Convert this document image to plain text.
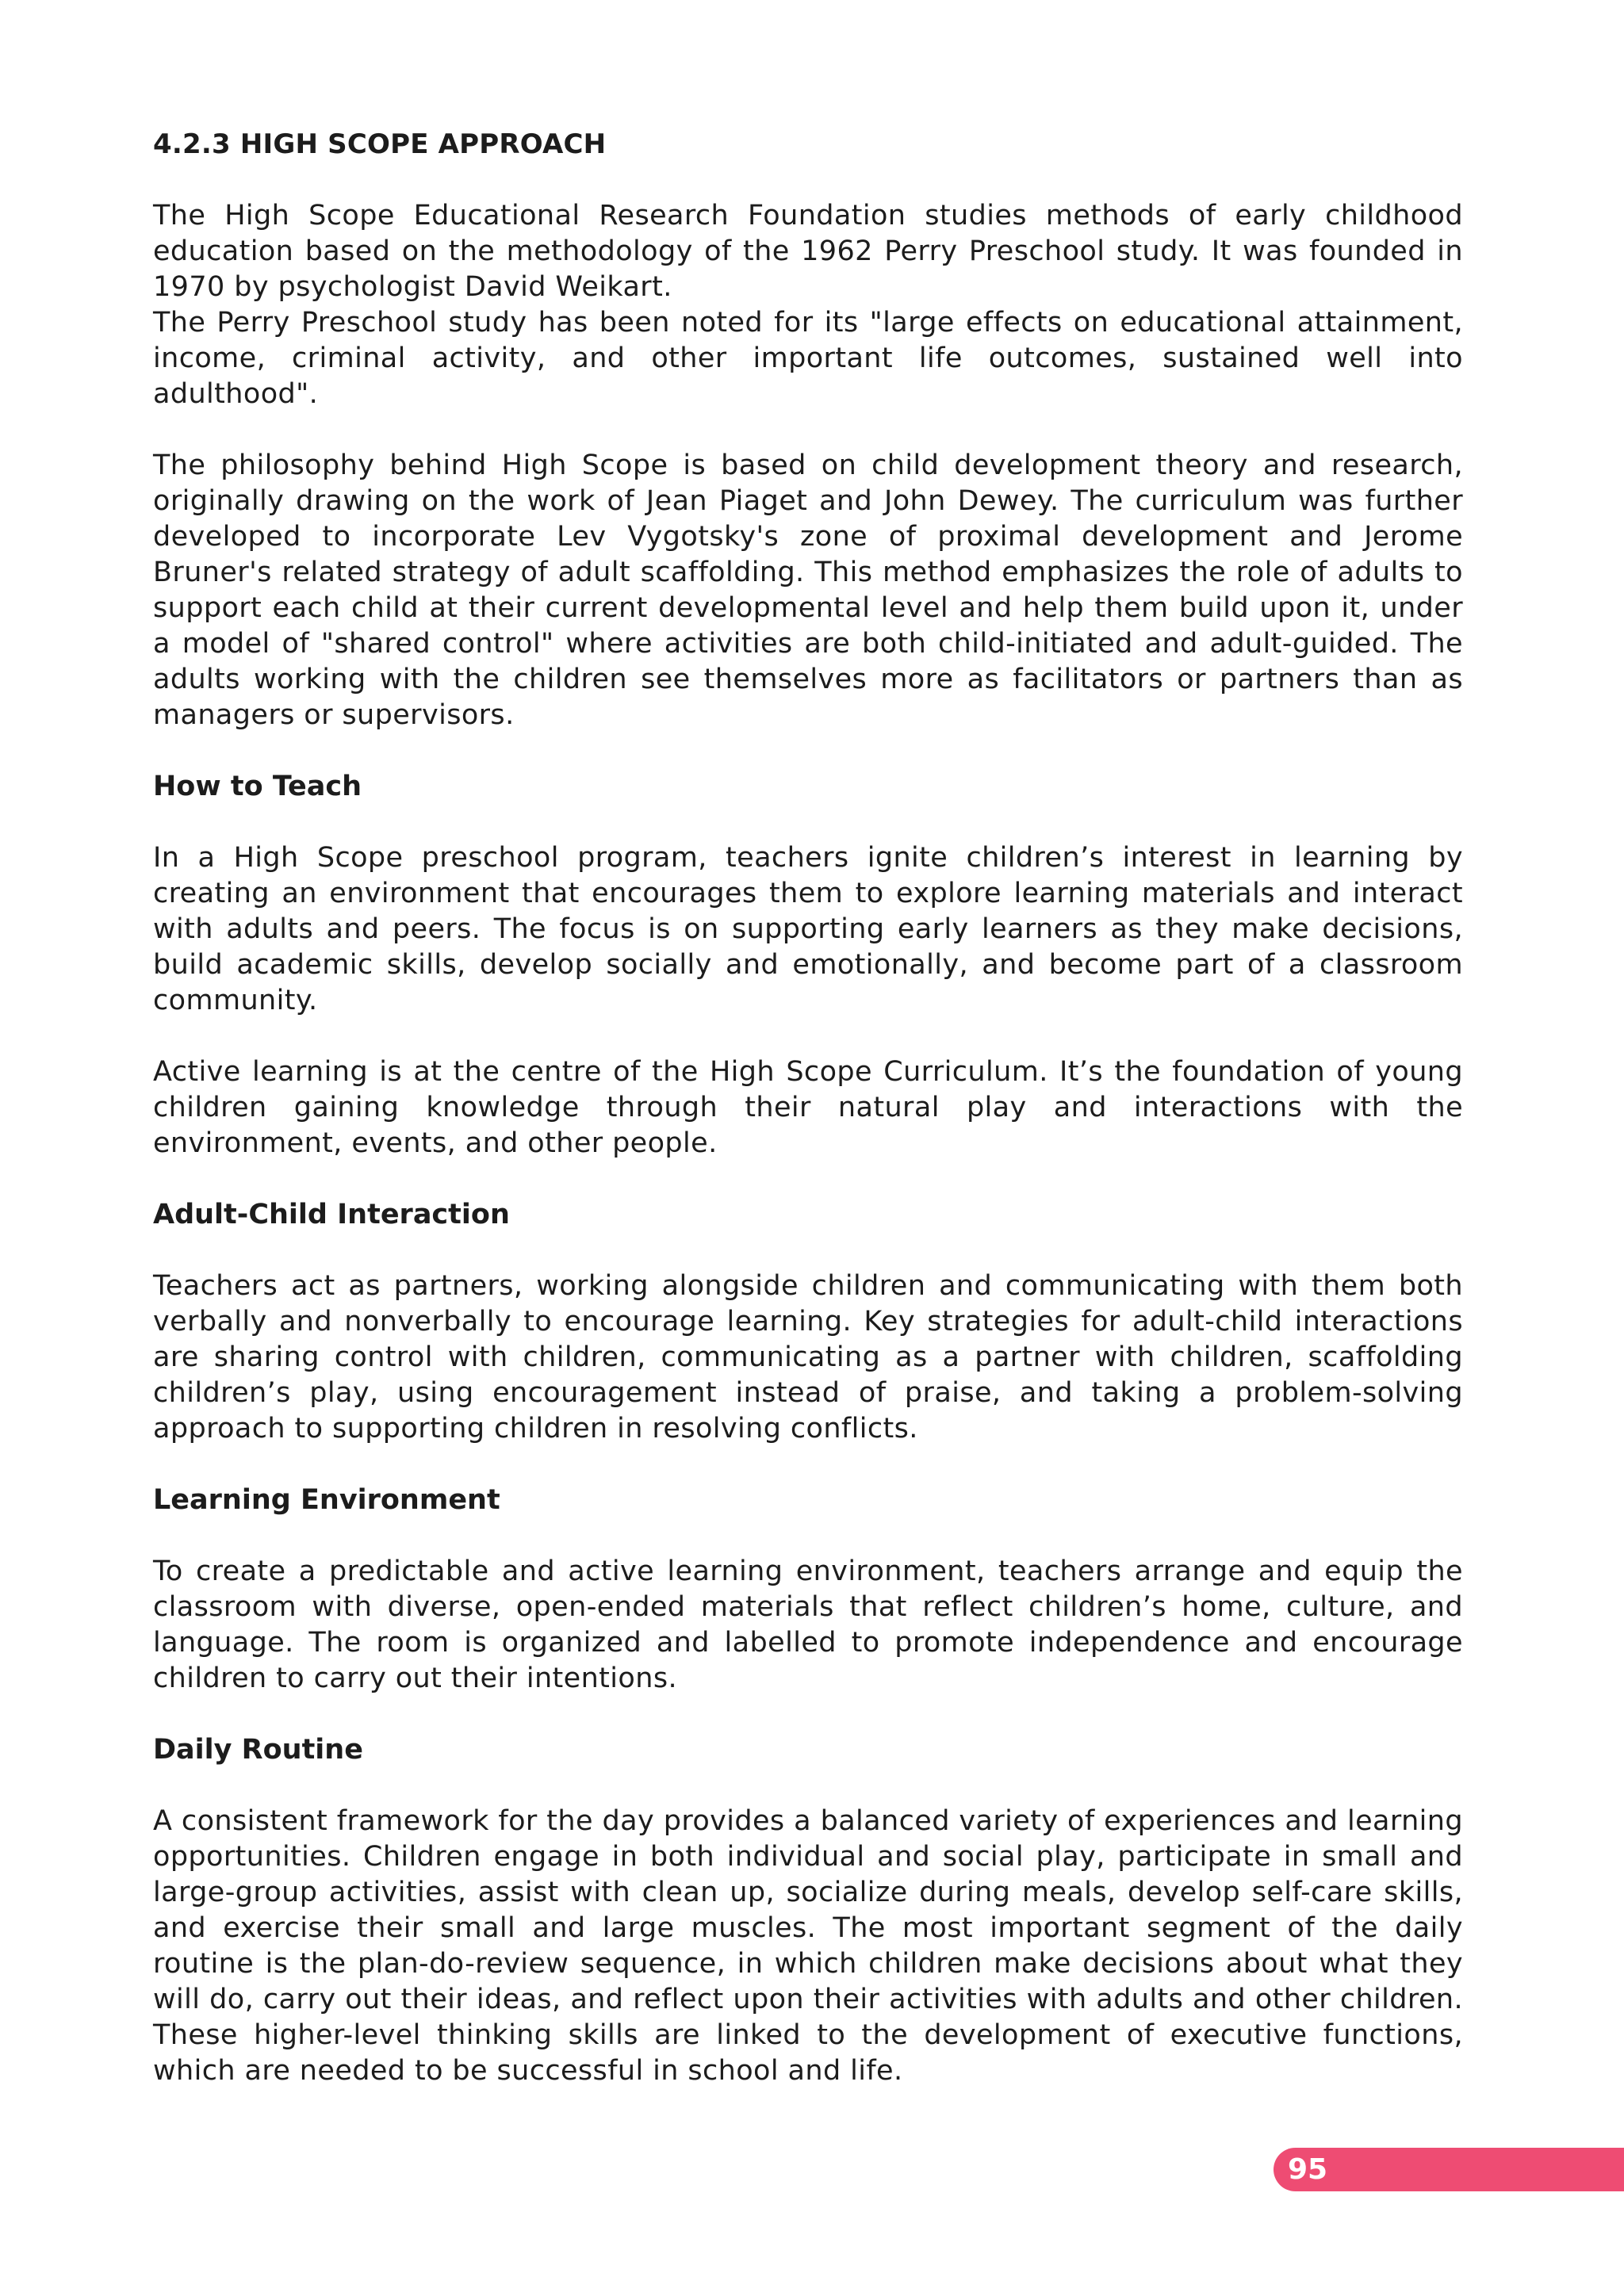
4.2.3 HIGH SCOPE APPROACH

The High Scope Educational Research Foundation studies methods of early childhood education based on the methodology of the 1962 Perry Preschool study. It was founded in 1970 by psychologist David Weikart.

The Perry Preschool study has been noted for its "large effects on educational attainment, income, criminal activity, and other important life outcomes, sustained well into adulthood".

The philosophy behind High Scope is based on child development theory and research, originally drawing on the work of Jean Piaget and John Dewey. The curriculum was further developed to incorporate Lev Vygotsky's zone of proximal development and Jerome Bruner's related strategy of adult scaffolding. This method emphasizes the role of adults to support each child at their current developmental level and help them build upon it, under a model of "shared control" where activities are both child-initiated and adult-guided. The adults working with the children see themselves more as facilitators or partners than as managers or supervisors.

How to Teach

In a High Scope preschool program, teachers ignite children’s interest in learning by creating an environment that encourages them to explore learning materials and interact with adults and peers. The focus is on supporting early learners as they make decisions, build academic skills, develop socially and emotionally, and become part of a classroom community.

Active learning is at the centre of the High Scope Curriculum. It’s the foundation of young children gaining knowledge through their natural play and interactions with the environment, events, and other people.

Adult-Child Interaction

Teachers act as partners, working alongside children and communicating with them both verbally and nonverbally to encourage learning. Key strategies for adult-child interactions are sharing control with children, communicating as a partner with children, scaffolding children’s play, using encouragement instead of praise, and taking a problem-solving approach to supporting children in resolving conflicts.

Learning Environment

To create a predictable and active learning environment, teachers arrange and equip the classroom with diverse, open-ended materials that reflect children’s home, culture, and language. The room is organized and labelled to promote independence and encourage children to carry out their intentions.

Daily Routine

A consistent framework for the day provides a balanced variety of experiences and learning opportunities. Children engage in both individual and social play, participate in small and large-group activities, assist with clean up, socialize during meals, develop self-care skills, and exercise their small and large muscles. The most important segment of the daily routine is the plan-do-review sequence, in which children make decisions about what they will do, carry out their ideas, and reflect upon their activities with adults and other children. These higher-level thinking skills are linked to the development of executive functions, which are needed to be successful in school and life.

95
